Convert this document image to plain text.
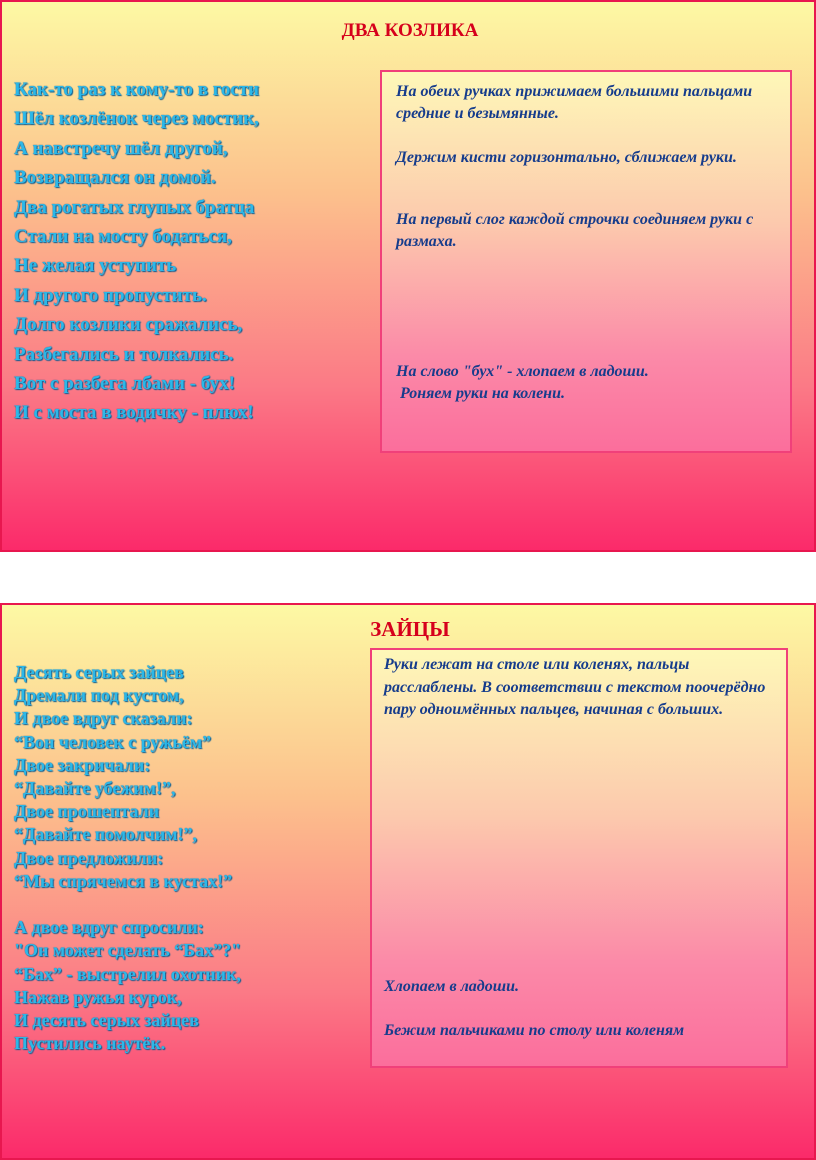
ДВА КОЗЛИКА
Как-то раз к кому-то в гости
Шёл козлёнок через мостик,
А навстречу шёл другой,
Возвращался он домой.
Два рогатых глупых братца
Стали на мосту бодаться,
Не желая уступить
И другого пропустить.
Долго козлики сражались,
Разбегались и толкались.
Вот с разбега лбами - бух!
И с моста в водичку - плюх!

На обеих ручках прижимаем большими пальцами средние и безымянные.

Держим кисти горизонтально, сближаем руки.

На первый слог каждой строчки соединяем руки с размаха.

На слово "бух" - хлопаем в ладоши.

Роняем руки на колени.

ЗАЙЦЫ
Десять серых зайцев
Дремали под кустом,
И двое вдруг сказали:
“Вон человек с ружьём”
Двое закричали:
“Давайте убежим!”,
Двое прошептали
“Давайте помолчим!”,
Двое предложили:
“Мы спрячемся в кустах!”
А двое вдруг спросили:
"Он может сделать “Бах”?"
“Бах” - выстрелил охотник,
Нажав ружья курок,
И десять серых зайцев
Пустились наутёк.

Руки лежат на столе или коленях, пальцы расслаблены. В соответствии с текстом поочерёдно пару одноимённых пальцев, начиная с больших.

Хлопаем в ладоши.

Бежим пальчиками по столу или коленям
